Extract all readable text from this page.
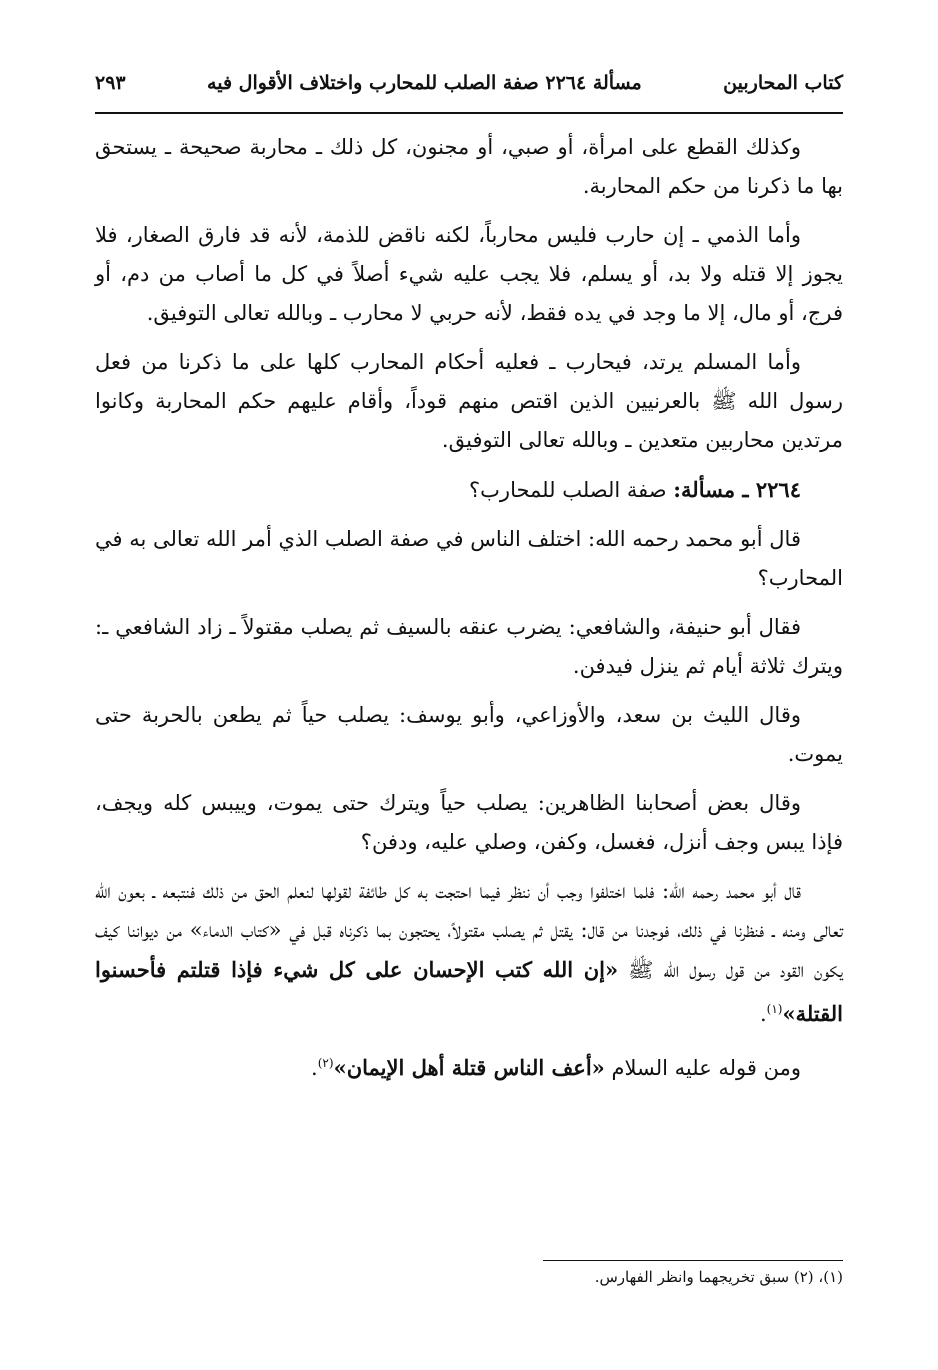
كتاب المحاربين
مسألة ٢٢٦٤ صفة الصلب للمحارب واختلاف الأقوال فيه
٢٩٣

وكذلك القطع على امرأة، أو صبي، أو مجنون، كل ذلك ـ محاربة صحيحة ـ يستحق بها ما ذكرنا من حكم المحاربة.

وأما الذمي ـ إن حارب فليس محارباً، لكنه ناقض للذمة، لأنه قد فارق الصغار، فلا يجوز إلا قتله ولا بد، أو يسلم، فلا يجب عليه شيء أصلاً في كل ما أصاب من دم، أو فرج، أو مال، إلا ما وجد في يده فقط، لأنه حربي لا محارب ـ وبالله تعالى التوفيق.

وأما المسلم يرتد، فيحارب ـ فعليه أحكام المحارب كلها على ما ذكرنا من فعل رسول الله ﷺ بالعرنيين الذين اقتص منهم قوداً، وأقام عليهم حكم المحاربة وكانوا مرتدين محاربين متعدين ـ وبالله تعالى التوفيق.

٢٢٦٤ ـ مسألة: صفة الصلب للمحارب؟

قال أبو محمد رحمه الله: اختلف الناس في صفة الصلب الذي أمر الله تعالى به في المحارب؟

فقال أبو حنيفة، والشافعي: يضرب عنقه بالسيف ثم يصلب مقتولاً ـ زاد الشافعي ـ: ويترك ثلاثة أيام ثم ينزل فيدفن.

وقال الليث بن سعد، والأوزاعي، وأبو يوسف: يصلب حياً ثم يطعن بالحربة حتى يموت.

وقال بعض أصحابنا الظاهرين: يصلب حياً ويترك حتى يموت، وييبس كله ويجف، فإذا يبس وجف أنزل، فغسل، وكفن، وصلي عليه، ودفن؟

قال أبو محمد رحمه الله: فلما اختلفوا وجب أن ننظر فيما احتجت به كل طائفة لقولها لنعلم الحق من ذلك فنتبعه ـ بعون الله تعالى ومنه ـ فنظرنا في ذلك، فوجدنا من قال: يقتل ثم يصلب مقتولاً، يحتجون بما ذكرناه قبل في «كتاب الدماء» من ديواننا كيف يكون القود من قول رسول الله ﷺ «إن الله كتب الإحسان على كل شيء فإذا قتلتم فأحسنوا القتلة»$^{(١)}$.

ومن قوله عليه السلام «أعف الناس قتلة أهل الإيمان»$^{(٢)}$.

(١)، (٢) سبق تخريجهما وانظر الفهارس.
